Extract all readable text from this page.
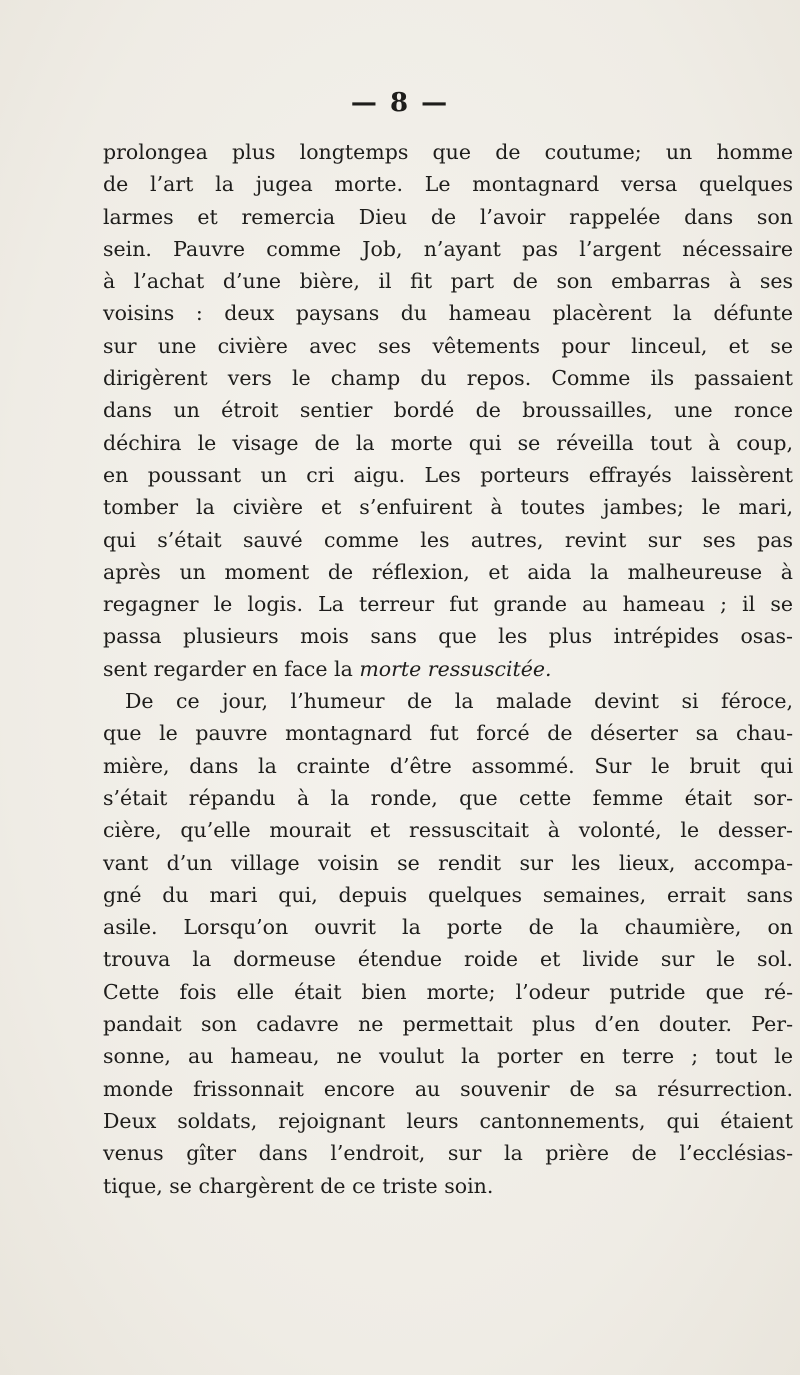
— 8 —
prolongea plus longtemps que de coutume; un homme
de l’art la jugea morte. Le montagnard versa quelques
larmes et remercia Dieu de l’avoir rappelée dans son
sein. Pauvre comme Job, n’ayant pas l’argent nécessaire
à l’achat d’une bière, il fit part de son embarras à ses
voisins : deux paysans du hameau placèrent la défunte
sur une civière avec ses vêtements pour linceul, et se
dirigèrent vers le champ du repos. Comme ils passaient
dans un étroit sentier bordé de broussailles, une ronce
déchira le visage de la morte qui se réveilla tout à coup,
en poussant un cri aigu. Les porteurs effrayés laissèrent
tomber la civière et s’enfuirent à toutes jambes; le mari,
qui s’était sauvé comme les autres, revint sur ses pas
après un moment de réflexion, et aida la malheureuse à
regagner le logis. La terreur fut grande au hameau ; il se
passa plusieurs mois sans que les plus intrépides osas-
sent regarder en face la morte ressuscitée.
De ce jour, l’humeur de la malade devint si féroce,
que le pauvre montagnard fut forcé de déserter sa chau-
mière, dans la crainte d’être assommé. Sur le bruit qui
s’était répandu à la ronde, que cette femme était sor-
cière, qu’elle mourait et ressuscitait à volonté, le desser-
vant d’un village voisin se rendit sur les lieux, accompa-
gné du mari qui, depuis quelques semaines, errait sans
asile. Lorsqu’on ouvrit la porte de la chaumière, on
trouva la dormeuse étendue roide et livide sur le sol.
Cette fois elle était bien morte; l’odeur putride que ré-
pandait son cadavre ne permettait plus d’en douter. Per-
sonne, au hameau, ne voulut la porter en terre ; tout le
monde frissonnait encore au souvenir de sa résurrection.
Deux soldats, rejoignant leurs cantonnements, qui étaient
venus gîter dans l’endroit, sur la prière de l’ecclésias-
tique, se chargèrent de ce triste soin.
